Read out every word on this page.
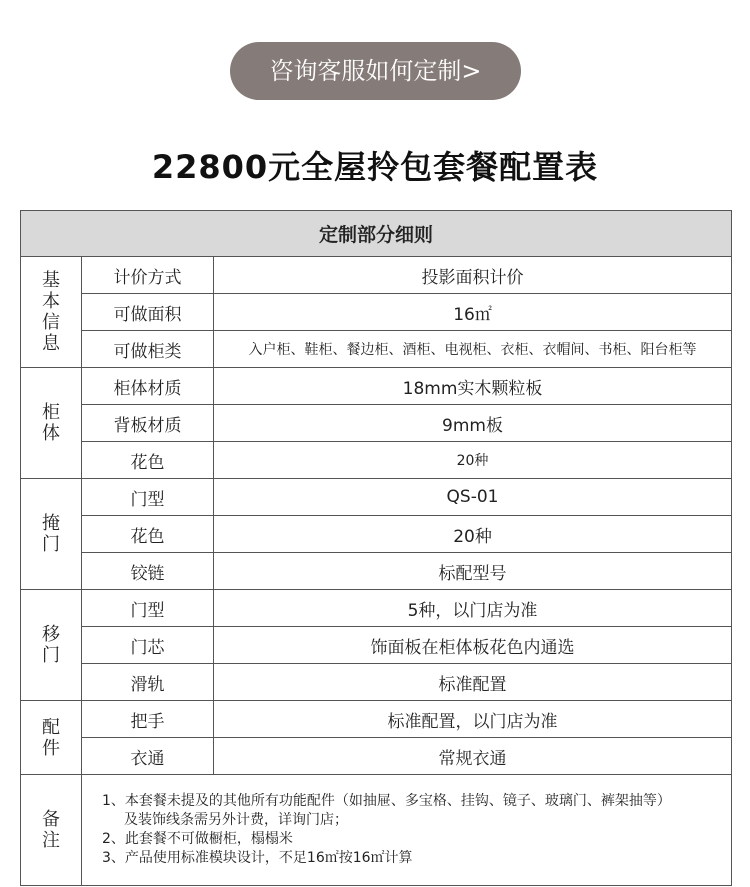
咨询客服如何定制>
22800元全屋拎包套餐配置表
定制部分细则		
基本信息	计价方式	投影面积计价
	可做面积	16㎡
	可做柜类	入户柜、鞋柜、餐边柜、酒柜、电视柜、衣柜、衣帽间、书柜、阳台柜等
柜体	柜体材质	18mm实木颗粒板
	背板材质	9mm板
	花色	20种
掩门	门型	QS-01
	花色	20种
	铰链	标配型号
移门	门型	5种，以门店为准
	门芯	饰面板在柜体板花色内通选
	滑轨	标准配置
配件	把手	标准配置，以门店为准
	衣通	常规衣通
备注	1、本套餐未提及的其他所有功能配件（如抽屉、多宝格、挂钩、镜子、玻璃门、裤架抽等）
及装饰线条需另外计费，详询门店；
2、此套餐不可做橱柜，榻榻米
3、产品使用标准模块设计，不足16㎡按16㎡计算	
